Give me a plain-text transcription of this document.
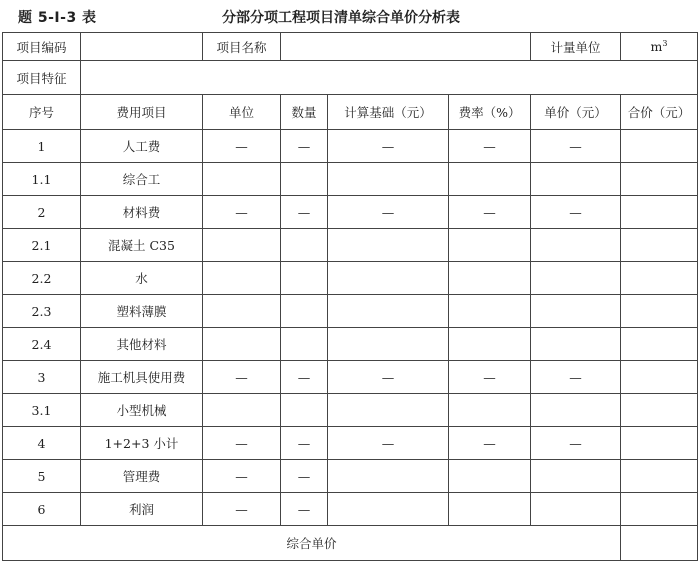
题 5-Ⅰ-3 表	分部分项工程项目清单综合单价分析表
项目编码		项目名称				计量单位	$m^3$
项目特征							
序号	费用项目	单位	数量	计算基础（元）	费率（%）	单价（元）	合价（元）
1	人工费	—	—	—	—	—	
1.1	综合工						
2	材料费	—	—	—	—	—	
2.1	混凝土 C35						
2.2	水						
2.3	塑料薄膜						
2.4	其他材料						
3	施工机具使用费	—	—	—	—	—	
3.1	小型机械						
4	1+2+3 小计	—	—	—	—	—	
5	管理费	—	—				
6	利润	—	—				
综合单价							
